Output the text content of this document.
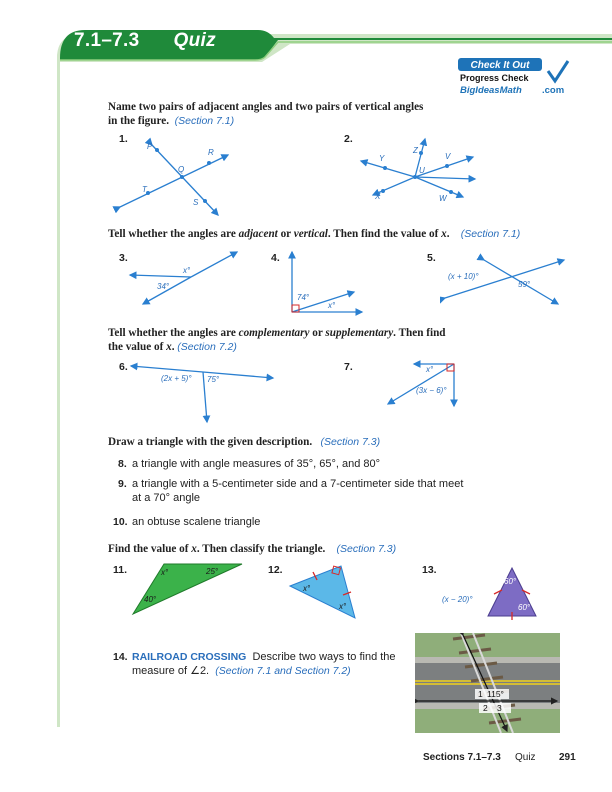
7.1–7.3 Quiz
Check It Out
Progress Check
BigIdeasMath .com
Name two pairs of adjacent angles and two pairs of vertical angles
in the figure. (Section 7.1)
1.	2.
P
R
Q
T
S
Z
Y	V
U
X	W
Tell whether the angles are adjacent or vertical. Then find the value of x. (Section 7.1)
3.	4.	5.
x°
34°
74°
x°
(x + 10)°
59°
Tell whether the angles are complementary or supplementary. Then find
the value of x. (Section 7.2)
6.	7.
(2x + 5)° 75°
x°
(3x − 6)°
Draw a triangle with the given description. (Section 7.3)
8. a triangle with angle measures of 35°, 65°, and 80°
9. a triangle with a 5-centimeter side and a 7-centimeter side that meet
at a 70° angle
10. an obtuse scalene triangle
Find the value of x. Then classify the triangle. (Section 7.3)
11.	12.	13.
x°	25°
40°
x°
x°
60°
(x − 20)°
60°
14. RAILROAD CROSSING Describe two ways to find the
measure of ∠2. (Section 7.1 and Section 7.2)
1 115°
2 3
Sections 7.1–7.3 Quiz 291
